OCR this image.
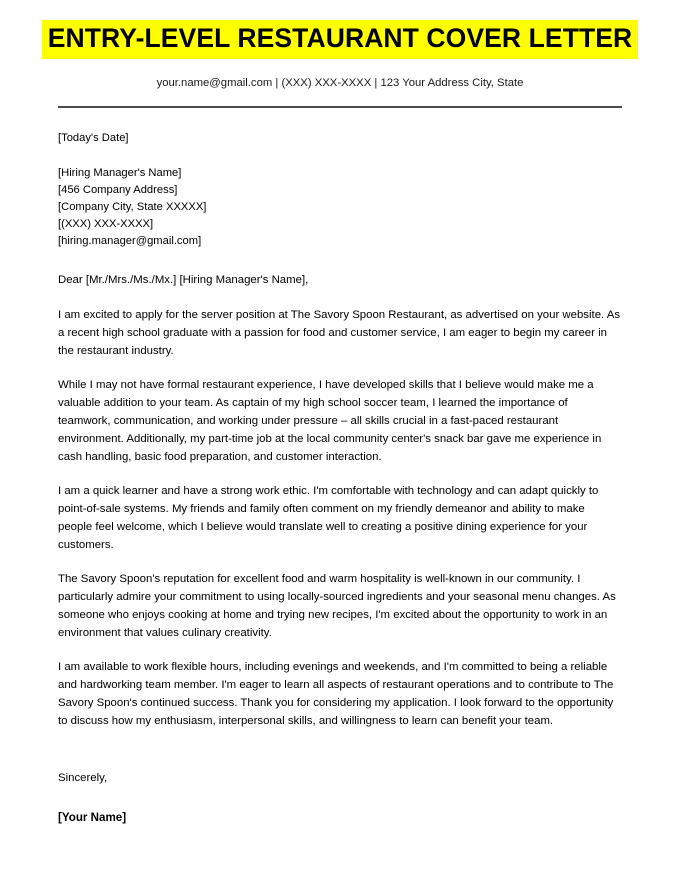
ENTRY-LEVEL RESTAURANT COVER LETTER

your.name@gmail.com | (XXX) XXX-XXXX | 123 Your Address City, State

[Today's Date]

[Hiring Manager's Name]

[456 Company Address]

[Company City, State XXXXX]

[(XXX) XXX-XXXX]

[hiring.manager@gmail.com]

Dear [Mr./Mrs./Ms./Mx.] [Hiring Manager's Name],

I am excited to apply for the server position at The Savory Spoon Restaurant, as advertised on your website. As a recent high school graduate with a passion for food and customer service, I am eager to begin my career in the restaurant industry.

While I may not have formal restaurant experience, I have developed skills that I believe would make me a valuable addition to your team. As captain of my high school soccer team, I learned the importance of teamwork, communication, and working under pressure – all skills crucial in a fast-paced restaurant environment. Additionally, my part-time job at the local community center's snack bar gave me experience in cash handling, basic food preparation, and customer interaction.

I am a quick learner and have a strong work ethic. I'm comfortable with technology and can adapt quickly to point-of-sale systems. My friends and family often comment on my friendly demeanor and ability to make people feel welcome, which I believe would translate well to creating a positive dining experience for your customers.

The Savory Spoon's reputation for excellent food and warm hospitality is well-known in our community. I particularly admire your commitment to using locally-sourced ingredients and your seasonal menu changes. As someone who enjoys cooking at home and trying new recipes, I'm excited about the opportunity to work in an environment that values culinary creativity.

I am available to work flexible hours, including evenings and weekends, and I'm committed to being a reliable and hardworking team member. I'm eager to learn all aspects of restaurant operations and to contribute to The Savory Spoon's continued success. Thank you for considering my application. I look forward to the opportunity to discuss how my enthusiasm, interpersonal skills, and willingness to learn can benefit your team.

Sincerely,

[Your Name]
